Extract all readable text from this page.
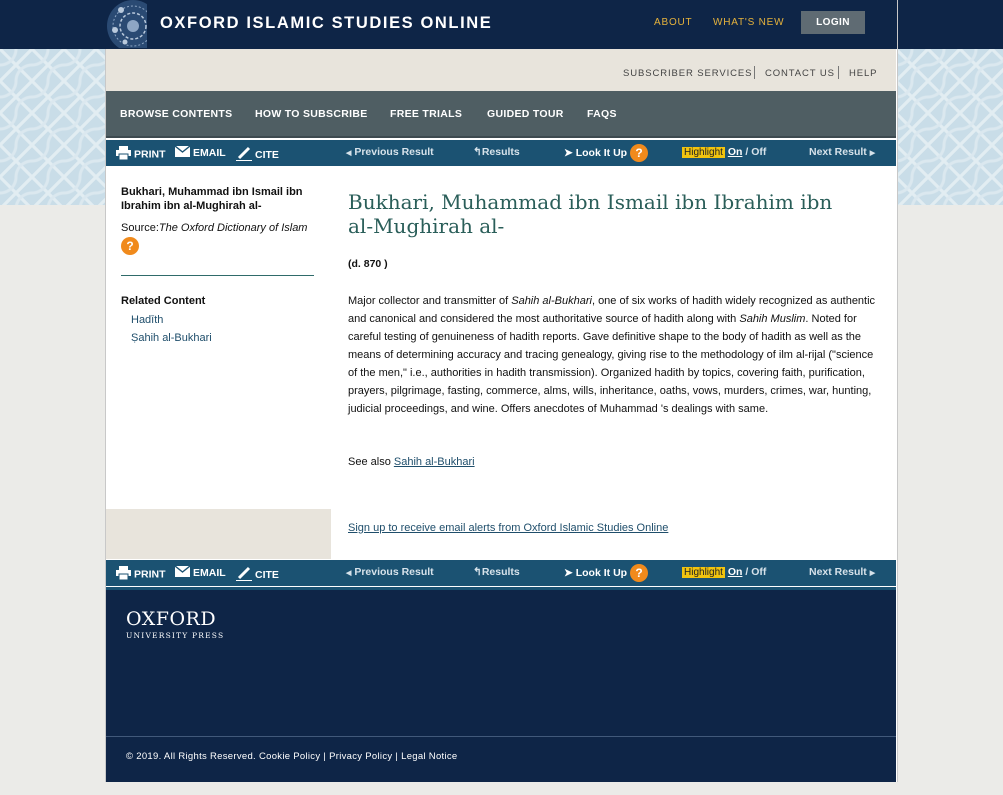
OXFORD ISLAMIC STUDIES ONLINE	ABOUT WHAT'S NEW	LOGIN
SUBSCRIBER SERVICES CONTACT US HELP
BROWSE CONTENTS HOW TO SUBSCRIBE FREE TRIALS GUIDED TOUR FAQS
PRINT	EMAIL	CITE	◀ Previous Result	↰Results	➤ Look It Up ?	Highlight On / Off	Next Result ▶
Bukhari, Muhammad ibn Ismail ibn Ibrahim ibn al-Mughirah al-
Source:The Oxford Dictionary of Islam ?
Related Content
Hadīth
Ṣahih al-Bukhari
Bukhari, Muhammad ibn Ismail ibn Ibrahim ibn al-Mughirah al-
(d. 870 )
Major collector and transmitter of Sahih al-Bukhari, one of six works of hadith widely recognized as authentic and canonical and considered the most authoritative source of hadith along with Sahih Muslim. Noted for careful testing of genuineness of hadith reports. Gave definitive shape to the body of hadith as well as the means of determining accuracy and tracing genealogy, giving rise to the methodology of ilm al-rijal ("science of the men," i.e., authorities in hadith transmission). Organized hadith by topics, covering faith, purification, prayers, pilgrimage, fasting, commerce, alms, wills, inheritance, oaths, vows, murders, crimes, war, hunting, judicial proceedings, and wine. Offers anecdotes of Muhammad 's dealings with same.
See also Sahih al-Bukhari
Sign up to receive email alerts from Oxford Islamic Studies Online
PRINT	EMAIL	CITE	◀ Previous Result	↰Results	➤ Look It Up ?	Highlight On / Off	Next Result ▶
OXFORD
UNIVERSITY PRESS
© 2019. All Rights Reserved. Cookie Policy | Privacy Policy | Legal Notice
